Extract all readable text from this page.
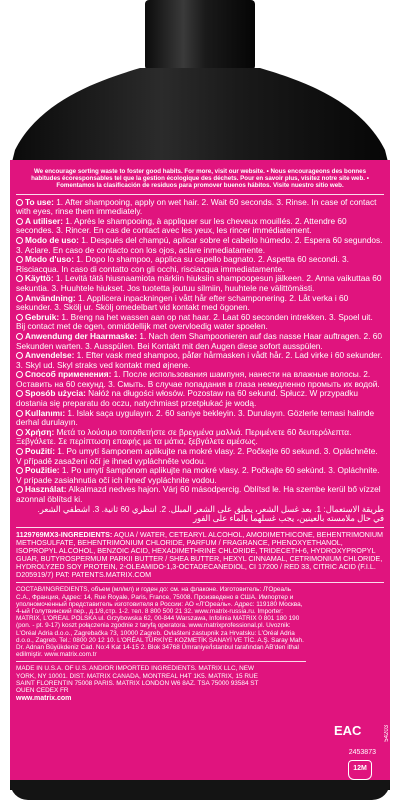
We encourage sorting waste to foster good habits. For more, visit our website. • Nous encourageons des bonnes habitudes écoresponsables tel que la gestion écologique des déchets. Pour en savoir plus, visitez notre site web. • Fomentamos la clasificación de residuos para promover buenos hábitos. Visite nuestro sitio web.
To use: 1. After shampooing, apply on wet hair. 2. Wait 60 seconds. 3. Rinse. In case of contact with eyes, rinse them immediately.
A utiliser: 1. Après le shampooing, à appliquer sur les cheveux mouillés. 2. Attendre 60 secondes. 3. Rincer. En cas de contact avec les yeux, les rincer immédiatement.
Modo de uso: 1. Después del champú, aplicar sobre el cabello húmedo. 2. Espera 60 segundos. 3. Aclare. En caso de contacto con los ojos, aclare inmediatamente.
Modo d'uso: 1. Dopo lo shampoo, applica su capello bagnato. 2. Aspetta 60 secondi. 3. Risciacqua. In caso di contatto con gli occhi, risciacqua immediatamente.
Käyttö: 1. Levitä tätä hiusnaamiota märkiin hiuksiin shampoopesun jälkeen. 2. Anna vaikuttaa 60 sekuntia. 3. Huuhtele hiukset. Jos tuotetta joutuu silmiin, huuhtele ne välittömästi.
Användning: 1. Applicera inpackningen i vått hår efter schamponering. 2. Låt verka i 60 sekunder. 3. Skölj ur. Skölj omedelbart vid kontakt med ögonen.
Gebruik: 1. Breng na het wassen aan op nat haar. 2. Laat 60 seconden intrekken. 3. Spoel uit. Bij contact met de ogen, onmiddellijk met overvloedig water spoelen.
Anwendung der Haarmaske: 1. Nach dem Shampoonieren auf das nasse Haar auftragen. 2. 60 Sekunden warten. 3. Ausspülen. Bei Kontakt mit den Augen diese sofort ausspülen.
Anvendelse: 1. Efter vask med shampoo, påfør hårmasken i vådt hår. 2. Lad virke i 60 sekunder. 3. Skyl ud. Skyl straks ved kontakt med øjnene.
Способ применения: 1. После использования шампуня, нанести на влажные волосы. 2. Оставить на 60 секунд. 3. Смыть. В случае попадания в глаза немедленно промыть их водой.
Sposób użycia: Nałóż na długości włosów. Pozostaw na 60 sekund. Spłucz. W przypadku dostania się preparatu do oczu, natychmiast przetpłukać je wodą.
Kullanımı: 1. Islak saça uygulayın. 2. 60 saniye bekleyin. 3. Durulayın. Gözlerle temasi halinde derhal durulayın.
Χρήση: Μετά το λούσιμο τοποθετήστε σε βρεγμένα μαλλιά. Περιμένετε 60 δευτερόλεπτα. Ξεβγάλετε. Σε περίπτωση επαφής με τα μάτια, ξεβγάλετε αμέσως.
Použití: 1. Po umytí šamponem aplikujte na mokré vlasy. 2. Počkejte 60 sekund. 3. Opláchněte. V případě zasažení očí je ihned vypláchněte vodou.
Použitie: 1. Po umytí šampónom aplikujte na mokré vlasy. 2. Počkajte 60 sekúnd. 3. Opláchnite. V prípade zasiahnutia očí ich ihneď vypláchnite vodou.
Használat: Alkalmazd nedves hajon. Várj 60 másodpercig. Öblítsd le. Ha szembe kerül bő vízzel azonnal öblítsd ki.
طريقة الاستعمال: 1. بعد غسل الشعر، يطبق على الشعر المبلل. 2. انتظري 60 ثانية. 3. اشطفي الشعر.
في حال ملامسته بالعينين، يجب غسلهما بالماء على الفور
1129769MX3-INGREDIENTS: AQUA / WATER, CETEARYL ALCOHOL, AMODIMETHICONE, BEHENTRIMONIUM METHOSULFATE, BEHENTRIMONIUM CHLORIDE, PARFUM / FRAGRANCE, PHENOXYETHANOL, ISOPROPYL ALCOHOL, BENZOIC ACID, HEXADIMETHRINE CHLORIDE, TRIDECETH-6, HYDROXYPROPYL GUAR, BUTYROSPERMUM PARKII BUTTER / SHEA BUTTER, HEXYL CINNAMAL, CETRIMONIUM CHLORIDE, HYDROLYZED SOY PROTEIN, 2-OLEAMIDO-1,3-OCTADECANEDIOL, CI 17200 / RED 33, CITRIC ACID (F.I.L. D205919/7) PAT: PATENTS.MATRIX.COM
СОСТАВ/INGREDIENTS, объем (мл/мл) и годен до: см. на флаконе. Изготовитель: Л'Ореаль С.А., Франция, Адрес: 14, Rue Royale, Paris, France, 75008. Произведено в США. Импортер и уполномоченный представитель изготовителя в России: АО «Л'Ореаль». Адрес: 119180 Москва, 4-ый Голутвинский пер., д.1/8,стр. 1-2. тел. 8 800 500 21 32. www.matrix-russia.ru. Importer: MATRIX, L'OREAL POLSKA ul. Grzybowska 62, 00-844 Warszawa, Infolinia MATRIX 0 801 180 190 (pon. - pt. 9-17) koszt połączenia zgodnie z taryfą operatora. www.matrixprofessional.pl. Uvoznik: L'Oréal Adria d.o.o., Zagrebačka 73, 10000 Zagreb. Ovlašteni zastupnik za Hrvatsku: L'Oréal Adria d.o.o., Zagreb. Tel.: 0800 20 12 10. L'ORÉAL TÜRKİYE KOZMETİK SANAYİ VE TİC. A.Ş. Saray Mah. Dr. Adnan Büyükdeniz Cad. No:4 Kat 14-15 2. Blok 34768 Ümraniye/İstanbul tarafından AB'den ithal edilmiştir. www.matrix.com.tr
MADE IN U.S.A. OF U.S. AND/OR IMPORTED INGREDIENTS. MATRIX LLC, NEW YORK, NY 10001. DIST. MATRIX CANADA, MONTREAL H4T 1K5. MATRIX, 15 RUE SAINT FLORENTIN 75008 PARIS. MATRIX LONDON W6 8AZ. TSA 75000 93584 ST OUEN CEDEX FR
www.matrix.com
EAC
2453873
12M
54203
